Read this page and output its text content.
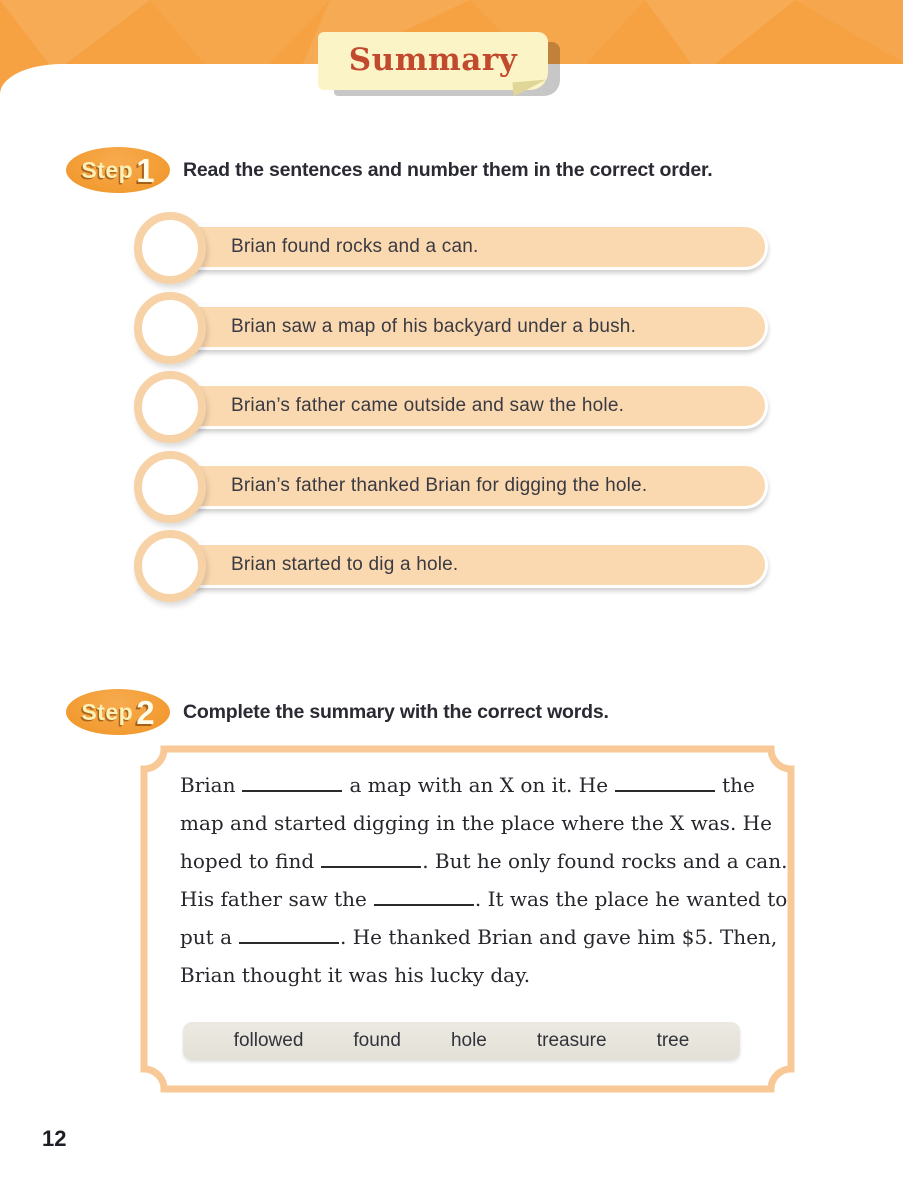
Summary
Step 1 Read the sentences and number them in the correct order.
Brian found rocks and a can.
Brian saw a map of his backyard under a bush.
Brian’s father came outside and saw the hole.
Brian’s father thanked Brian for digging the hole.
Brian started to dig a hole.
Step 2 Complete the summary with the correct words.
Brian	a map with an X on it. He	the
map and started digging in the place where the X was. He
hoped to find	. But he only found rocks and a can.
His father saw the	. It was the place he wanted to
put a	. He thanked Brian and gave him $5. Then,
Brian thought it was his lucky day.
followed	found	hole	treasure	tree
12
